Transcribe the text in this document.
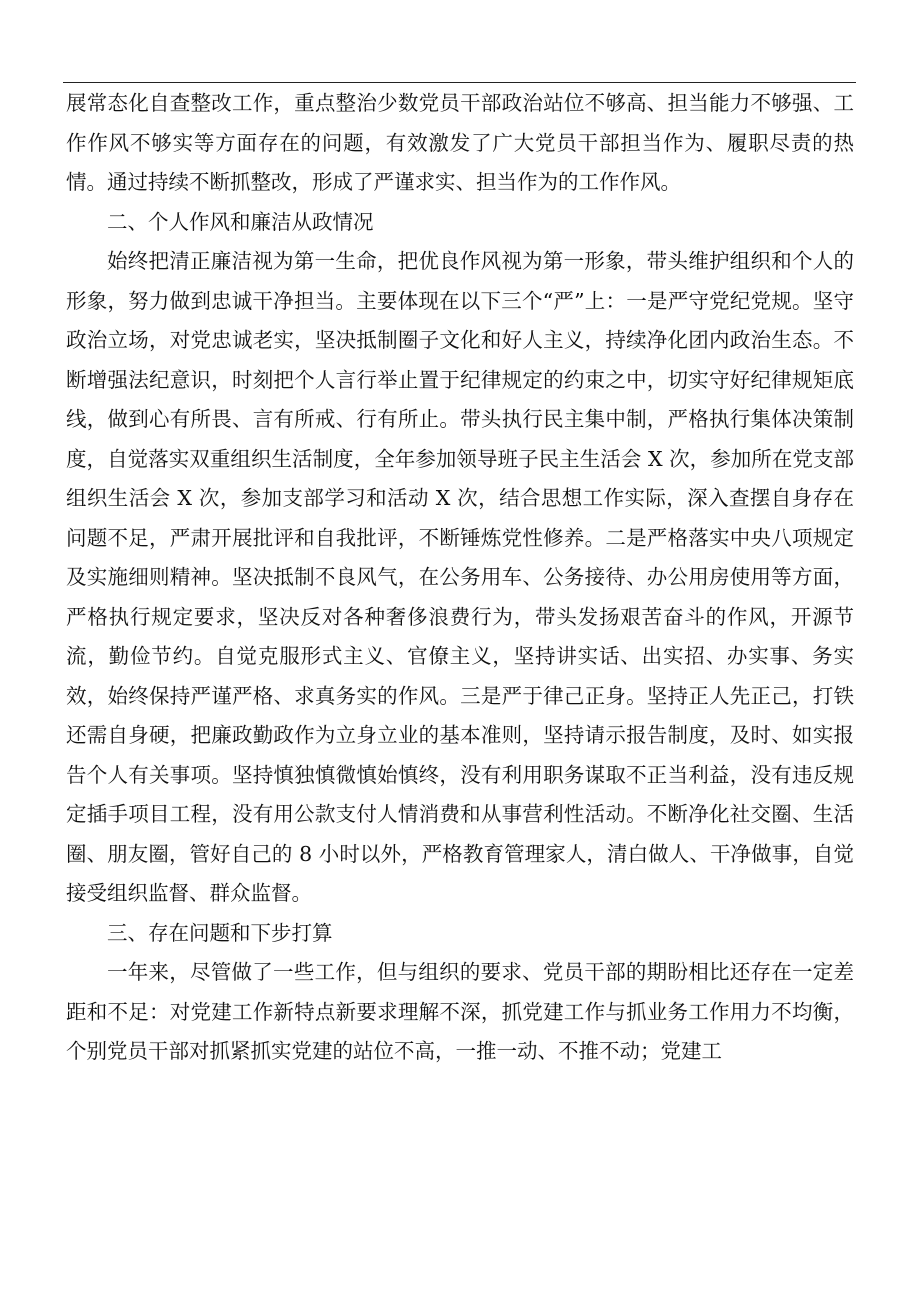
展常态化自查整改工作，重点整治少数党员干部政治站位不够高、担当能力不够强、工作作风不够实等方面存在的问题，有效激发了广大党员干部担当作为、履职尽责的热情。通过持续不断抓整改，形成了严谨求实、担当作为的工作作风。

二、个人作风和廉洁从政情况

始终把清正廉洁视为第一生命，把优良作风视为第一形象，带头维护组织和个人的形象，努力做到忠诚干净担当。主要体现在以下三个“严”上：一是严守党纪党规。坚守政治立场，对党忠诚老实，坚决抵制圈子文化和好人主义，持续净化团内政治生态。不断增强法纪意识，时刻把个人言行举止置于纪律规定的约束之中，切实守好纪律规矩底线，做到心有所畏、言有所戒、行有所止。带头执行民主集中制，严格执行集体决策制度，自觉落实双重组织生活制度，全年参加领导班子民主生活会 X 次，参加所在党支部组织生活会 X 次，参加支部学习和活动 X 次，结合思想工作实际，深入查摆自身存在问题不足，严肃开展批评和自我批评，不断锤炼党性修养。二是严格落实中央八项规定及实施细则精神。坚决抵制不良风气，在公务用车、公务接待、办公用房使用等方面，严格执行规定要求，坚决反对各种奢侈浪费行为，带头发扬艰苦奋斗的作风，开源节流，勤俭节约。自觉克服形式主义、官僚主义，坚持讲实话、出实招、办实事、务实效，始终保持严谨严格、求真务实的作风。三是严于律己正身。坚持正人先正己，打铁还需自身硬，把廉政勤政作为立身立业的基本准则，坚持请示报告制度，及时、如实报告个人有关事项。坚持慎独慎微慎始慎终，没有利用职务谋取不正当利益，没有违反规定插手项目工程，没有用公款支付人情消费和从事营利性活动。不断净化社交圈、生活圈、朋友圈，管好自己的 8 小时以外，严格教育管理家人，清白做人、干净做事，自觉接受组织监督、群众监督。

三、存在问题和下步打算

一年来，尽管做了一些工作，但与组织的要求、党员干部的期盼相比还存在一定差距和不足：对党建工作新特点新要求理解不深，抓党建工作与抓业务工作用力不均衡，个别党员干部对抓紧抓实党建的站位不高，一推一动、不推不动；党建工
